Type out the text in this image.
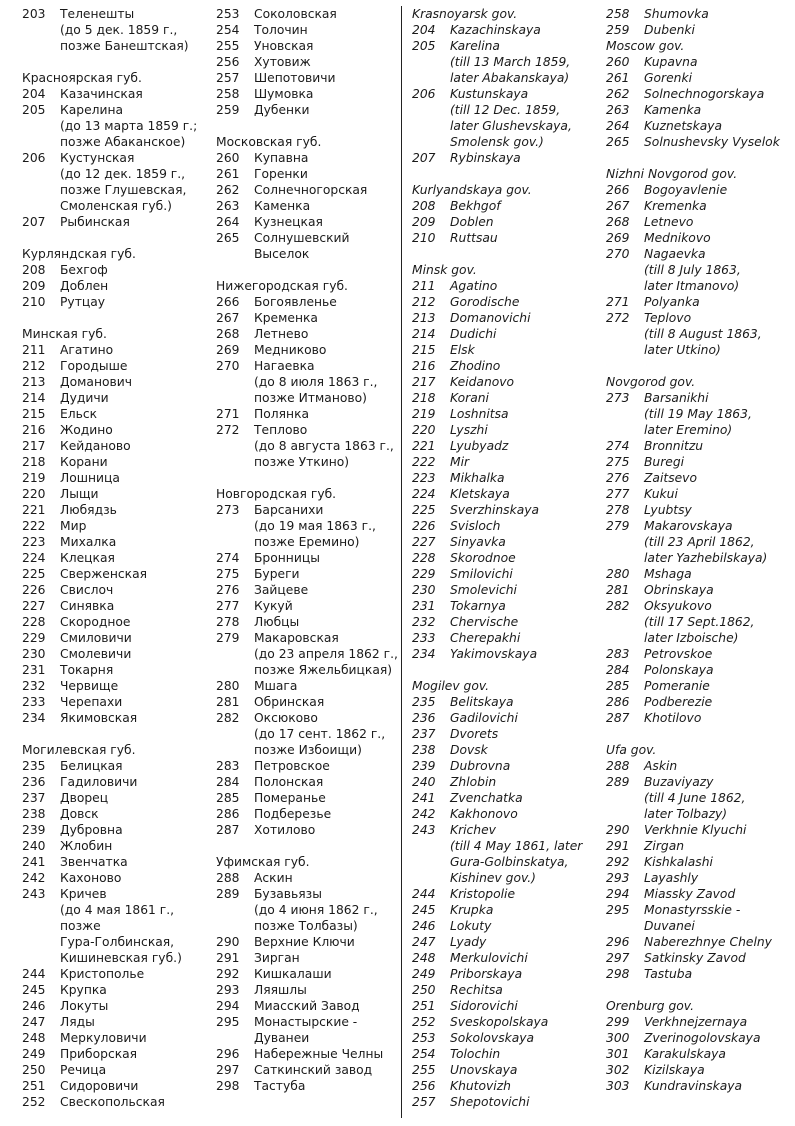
203 Теленешты
(до 5 дек. 1859 г.,
позже Банештская)
Красноярская губ.
204 Казачинская
205 Карелина
(до 13 марта 1859 г.;
позже Абаканское)
206 Кустунская
(до 12 дек. 1859 г.,
позже Глушевская,
Смоленская губ.)
207 Рыбинская
Курляндская губ.
208 Бехгоф
209 Доблен
210 Рутцау
Минская губ.
211 Агатино
212 Городыше
213 Доманович
214 Дудичи
215 Ельск
216 Жодино
217 Кейданово
218 Корани
219 Лошница
220 Лыщи
221 Любядзь
222 Мир
223 Михалка
224 Клецкая
225 Сверженская
226 Свислоч
227 Синявка
228 Скородное
229 Смиловичи
230 Смолевичи
231 Токарня
232 Червище
233 Черепахи
234 Якимовская
Могилевская губ.
235 Белицкая
236 Гадиловичи
237 Дворец
238 Довск
239 Дубровна
240 Жлобин
241 Звенчатка
242 Кахоново
243 Кричев
(до 4 мая 1861 г.,
позже
Гура-Голбинская,
Кишиневская губ.)
244 Кристополье
245 Крупка
246 Локуты
247 Ляды
248 Меркуловичи
249 Приборская
250 Речица
251 Сидоровичи
252 Свескопольская
253 Соколовская
254 Толочин
255 Уновская
256 Хутовиж
257 Шепотовичи
258 Шумовка
259 Дубенки
Московская губ.
260 Купавна
261 Горенки
262 Солнечногорская
263 Каменка
264 Кузнецкая
265 Солнушевский
Выселок
Нижегородская губ.
266 Богоявленье
267 Кременка
268 Летнево
269 Медниково
270 Нагаевка
(до 8 июля 1863 г.,
позже Итманово)
271 Полянка
272 Теплово
(до 8 августа 1863 г.,
позже Уткино)
Новгородская губ.
273 Барсанихи
(до 19 мая 1863 г.,
позже Еремино)
274 Бронницы
275 Буреги
276 Зайцеве
277 Кукуй
278 Любцы
279 Макаровская
(до 23 апреля 1862 г.,
позже Яжельбицкая)
280 Мшага
281 Обринская
282 Оксюково
(до 17 сент. 1862 г.,
позже Избоищи)
283 Петровское
284 Полонская
285 Померанье
286 Подберезье
287 Хотилово
Уфимская губ.
288 Аскин
289 Бузавьязы
(до 4 июня 1862 г.,
позже Толбазы)
290 Верхние Ключи
291 Зирган
292 Кишкалаши
293 Ляяшлы
294 Миасский Завод
295 Монастырские -
Дуванеи
296 Набережные Челны
297 Саткинский завод
298 Тастуба
Krasnoyarsk gov.
204 Kazachinskaya
205 Karelina
(till 13 March 1859,
later Abakanskaya)
206 Kustunskaya
(till 12 Dec. 1859,
later Glushevskaya,
Smolensk gov.)
207 Rybinskaya
Kurlyandskaya gov.
208 Bekhgof
209 Doblen
210 Ruttsau
Minsk gov.
211 Agatino
212 Gorodische
213 Domanovichi
214 Dudichi
215 Elsk
216 Zhodino
217 Keidanovo
218 Korani
219 Loshnitsa
220 Lyszhi
221 Lyubyadz
222 Mir
223 Mikhalka
224 Kletskaya
225 Sverzhinskaya
226 Svisloch
227 Sinyavka
228 Skorodnoe
229 Smilovichi
230 Smolevichi
231 Tokarnya
232 Chervische
233 Cherepakhi
234 Yakimovskaya
Mogilev gov.
235 Belitskaya
236 Gadilovichi
237 Dvorets
238 Dovsk
239 Dubrovna
240 Zhlobin
241 Zvenchatka
242 Kakhonovo
243 Krichev
(till 4 May 1861, later
Gura-Golbinskatya,
Kishinev gov.)
244 Kristopolie
245 Krupka
246 Lokuty
247 Lyady
248 Merkulovichi
249 Priborskaya
250 Rechitsa
251 Sidorovichi
252 Sveskopolskaya
253 Sokolovskaya
254 Tolochin
255 Unovskaya
256 Khutovizh
257 Shepotovichi
258 Shumovka
259 Dubenki
Moscow gov.
260 Kupavna
261 Gorenki
262 Solnechnogorskaya
263 Kamenka
264 Kuznetskaya
265 Solnushevsky Vyselok
Nizhni Novgorod gov.
266 Bogoyavlenie
267 Kremenka
268 Letnevo
269 Mednikovo
270 Nagaevka
(till 8 July 1863,
later Itmanovo)
271 Polyanka
272 Teplovo
(till 8 August 1863,
later Utkino)
Novgorod gov.
273 Barsanikhi
(till 19 May 1863,
later Eremino)
274 Bronnitzu
275 Buregi
276 Zaitsevo
277 Kukui
278 Lyubtsy
279 Makarovskaya
(till 23 April 1862,
later Yazhebilskaya)
280 Mshaga
281 Obrinskaya
282 Oksyukovo
(till 17 Sept.1862,
later Izboische)
283 Petrovskoe
284 Polonskaya
285 Pomeranie
286 Podberezie
287 Khotilovo
Ufa gov.
288 Askin
289 Buzaviyazy
(till 4 June 1862,
later Tolbazy)
290 Verkhnie Klyuchi
291 Zirgan
292 Kishkalashi
293 Layashly
294 Miassky Zavod
295 Monastyrsskie -
Duvanei
296 Naberezhnye Chelny
297 Satkinsky Zavod
298 Tastuba
Orenburg gov.
299 Verkhnejzernaya
300 Zverinogolovskaya
301 Karakulskaya
302 Kizilskaya
303 Kundravinskaya
